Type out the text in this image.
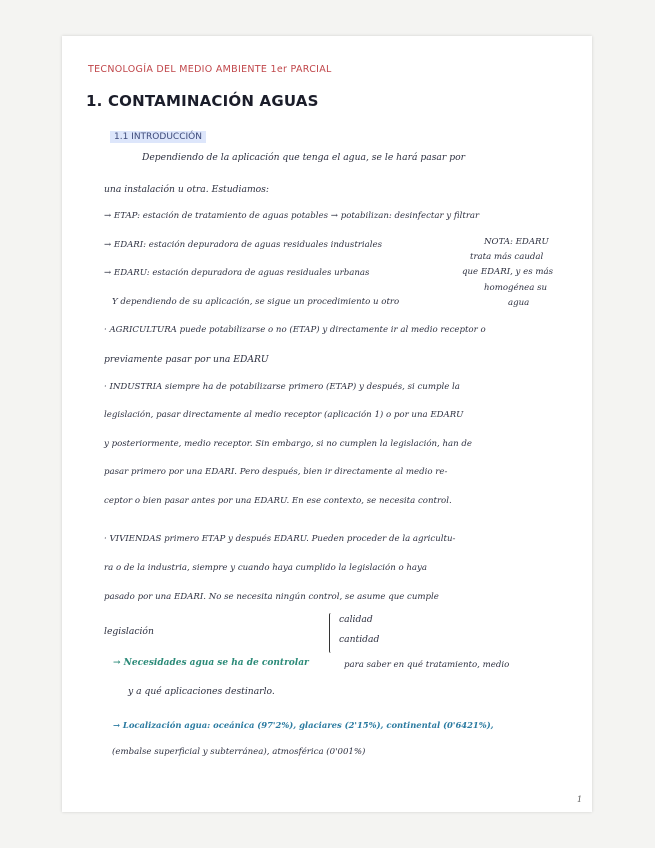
TECNOLOGÍA DEL MEDIO AMBIENTE 1er PARCIAL
1. CONTAMINACIÓN AGUAS
1.1 INTRODUCCIÓN
Dependiendo de la aplicación que tenga el agua, se le hará pasar por
una instalación u otra. Estudiamos:
→ ETAP: estación de tratamiento de aguas potables → potabilizan: desinfectar y filtrar
→ EDARI: estación depuradora de aguas residuales industriales
→ EDARU: estación depuradora de aguas residuales urbanas
Y dependiendo de su aplicación, se sigue un procedimiento u otro
NOTA: EDARU
trata más caudal
que EDARI, y es más
homogénea su
agua
· AGRICULTURA puede potabilizarse o no (ETAP) y directamente ir al medio receptor o
previamente pasar por una EDARU
· INDUSTRIA siempre ha de potabilizarse primero (ETAP) y después, si cumple la
legislación, pasar directamente al medio receptor (aplicación 1) o por una EDARU
y posteriormente, medio receptor. Sin embargo, si no cumplen la legislación, han de
pasar primero por una EDARI. Pero después, bien ir directamente al medio re-
ceptor o bien pasar antes por una EDARU. En ese contexto, se necesita control.
· VIVIENDAS primero ETAP y después EDARU. Pueden proceder de la agricultu-
ra o de la industria, siempre y cuando haya cumplido la legislación o haya
pasado por una EDARI. No se necesita ningún control, se asume que cumple
legislación
calidad
cantidad
→ Necesidades agua se ha de controlar	para saber en qué tratamiento, medio
y a qué aplicaciones destinarlo.
→ Localización agua: oceánica (97'2%), glaciares (2'15%), continental (0'6421%),
(embalse superficial y subterránea), atmosférica (0'001%)
1
